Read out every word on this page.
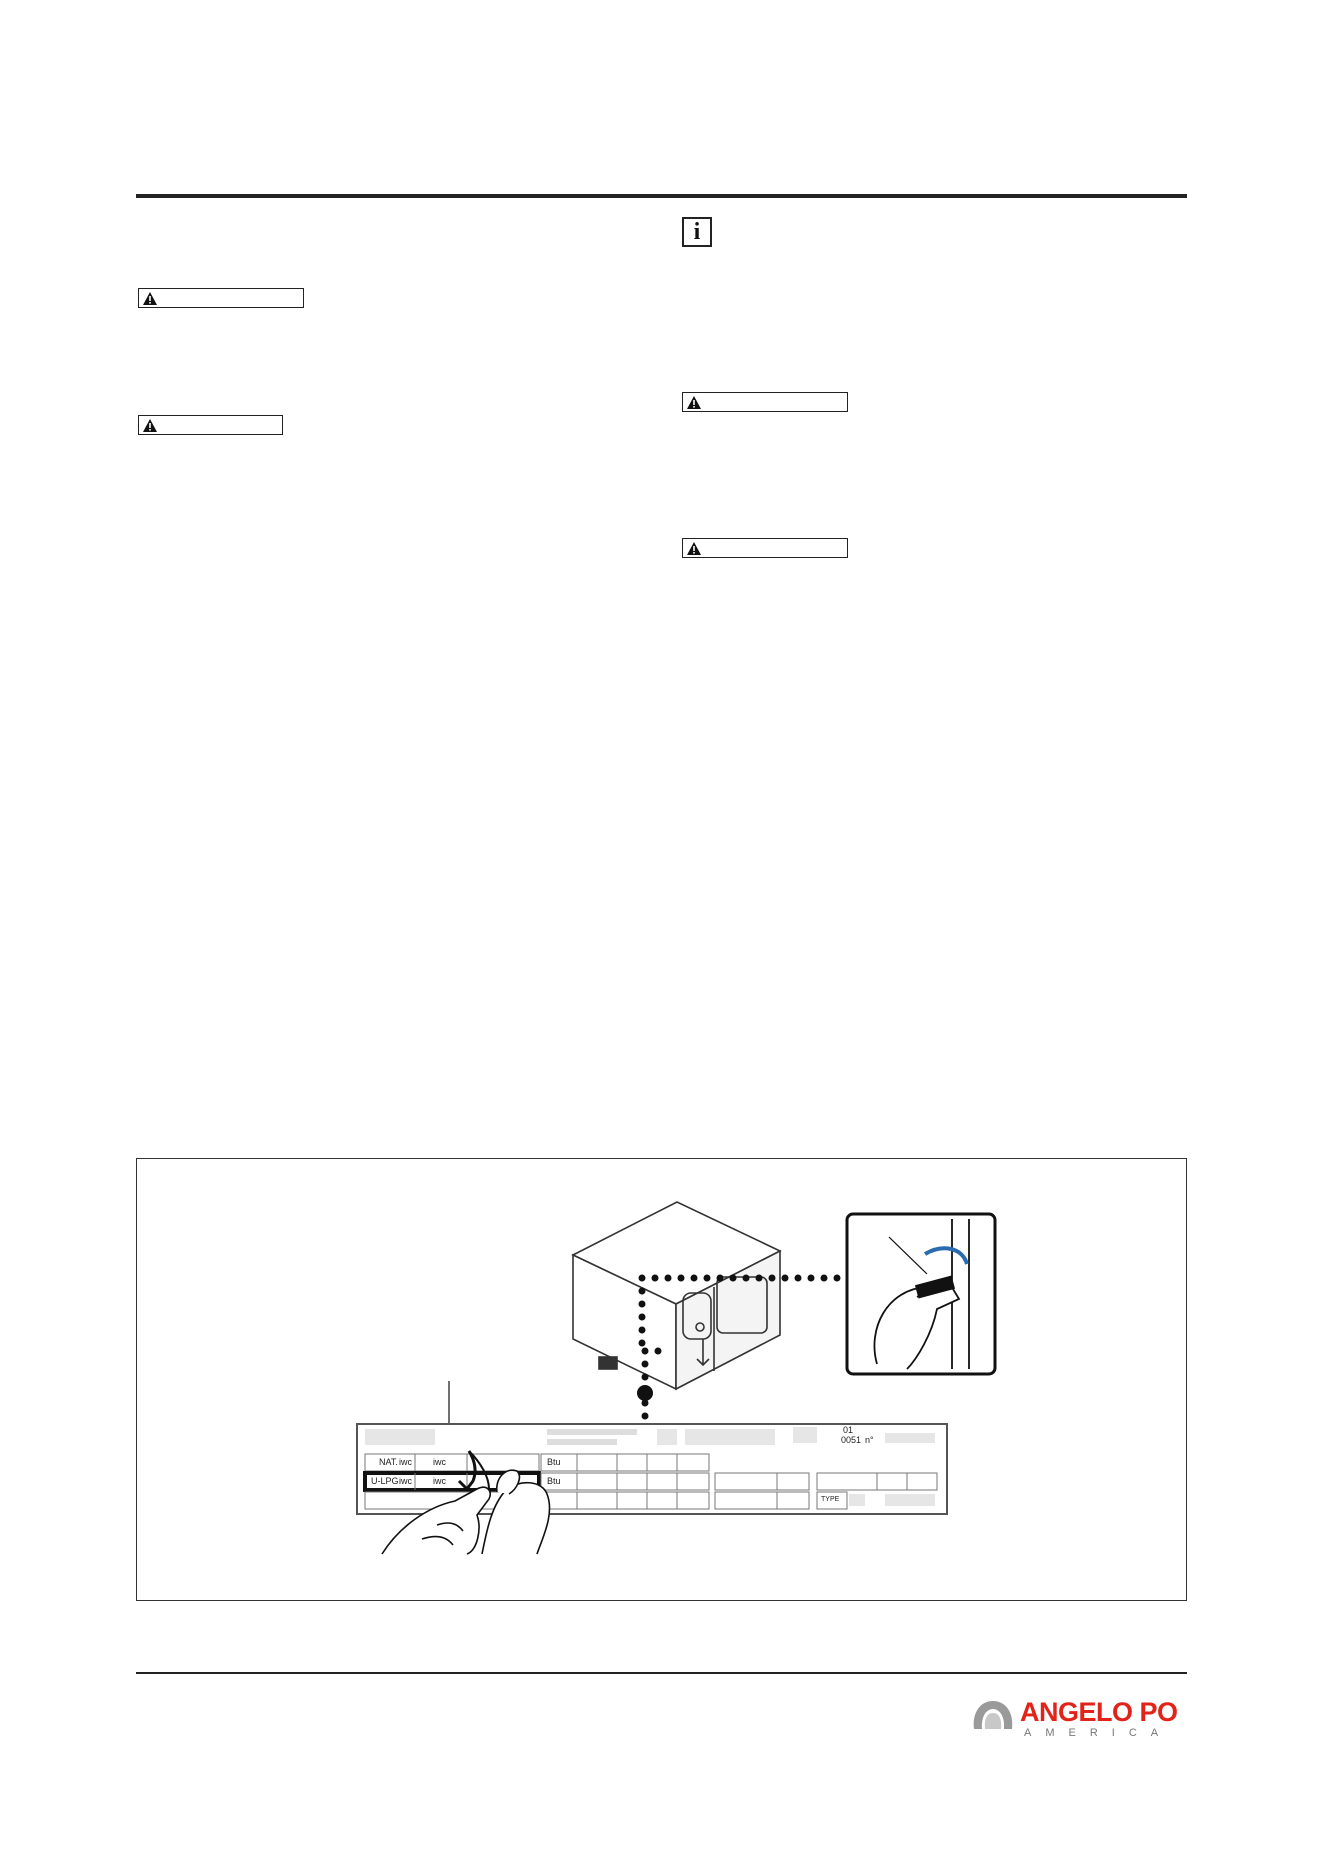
i
NAT. iwc iwc	Btu
U-LPG iwc iwc	Btu
01
0051 n°
TYPE
ANGELO PO
AMERICA
